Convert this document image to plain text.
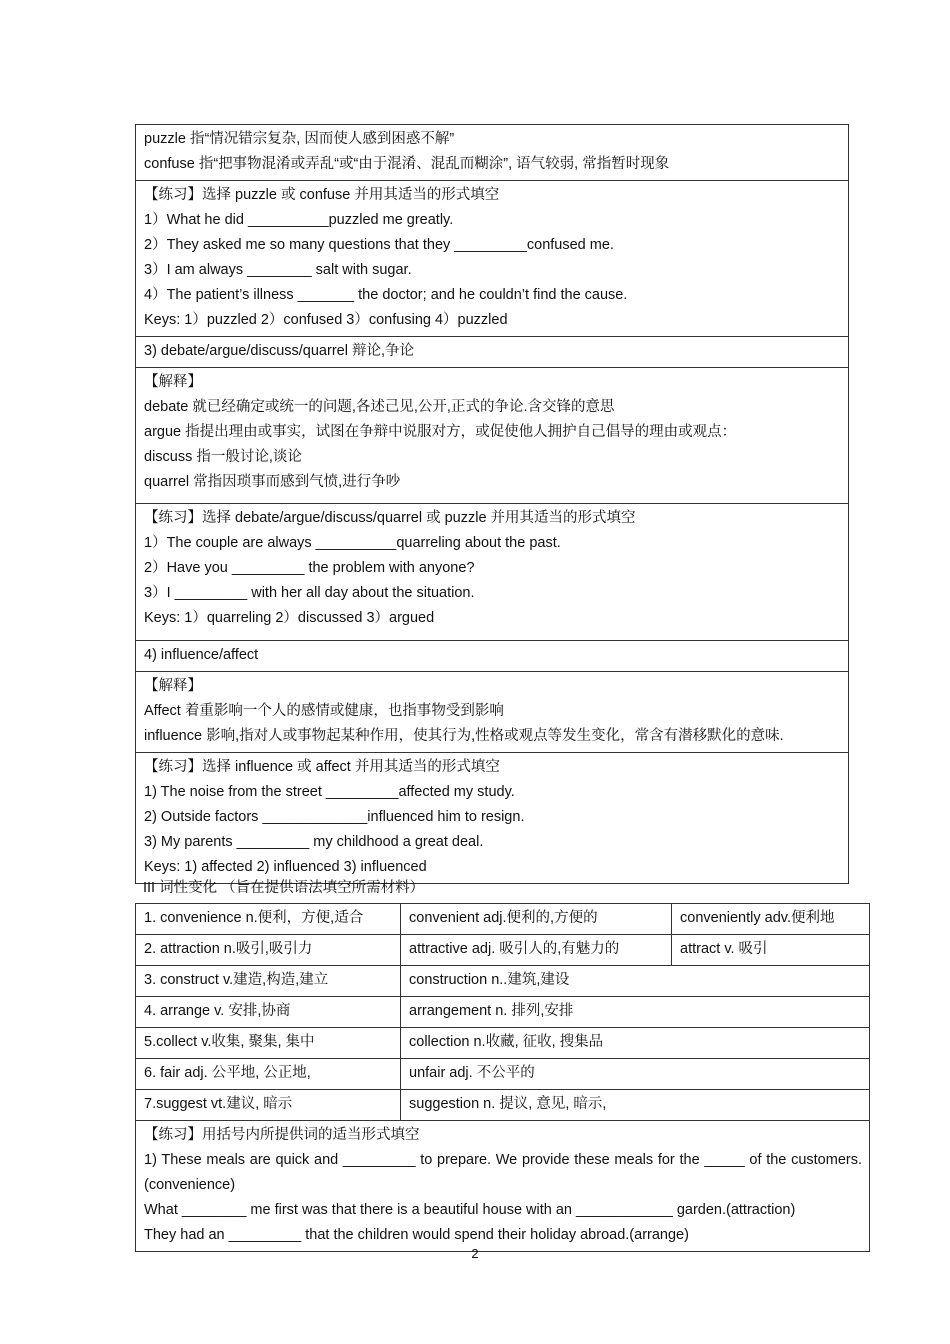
puzzle 指“情况错宗复杂, 因而使人感到困惑不解”
confuse 指“把事物混淆或弄乱“或“由于混淆、混乱而糊涂”, 语气较弱, 常指暂时现象

【练习】选择 puzzle 或 confuse 并用其适当的形式填空
1）What he did __________puzzled me greatly.
2）They asked me so many questions that they _________confused me.
3）I am always ________ salt with sugar.
4）The patient’s illness _______ the doctor; and he couldn’t find the cause.
Keys: 1）puzzled 2）confused 3）confusing 4）puzzled

3) debate/argue/discuss/quarrel 辩论,争论

【解释】
debate 就已经确定或统一的问题,各述己见,公开,正式的争论.含交锋的意思
argue 指提出理由或事实，试图在争辩中说服对方，或促使他人拥护自己倡导的理由或观点：
discuss 指一般讨论,谈论
quarrel 常指因琐事而感到气愤,进行争吵

【练习】选择 debate/argue/discuss/quarrel 或 puzzle 并用其适当的形式填空
1）The couple are always __________quarreling about the past.
2）Have you _________ the problem with anyone?
3）I _________ with her all day about the situation.
Keys: 1）quarreling 2）discussed 3）argued

4) influence/affect

【解释】
Affect 着重影响一个人的感情或健康，也指事物受到影响
influence 影响,指对人或事物起某种作用，使其行为,性格或观点等发生变化，常含有潜移默化的意味.

【练习】选择 influence 或 affect 并用其适当的形式填空
1) The noise from the street _________affected my study.
2) Outside factors _____________influenced him to resign.
3) My parents _________ my childhood a great deal.
Keys: 1) affected 2) influenced 3) influenced
III 词性变化 （旨在提供语法填空所需材料）
1. convenience n.便利，方便,适合	convenient adj.便利的,方便的	conveniently adv.便利地
2. attraction n.吸引,吸引力	attractive adj. 吸引人的,有魅力的	attract v. 吸引
3. construct v.建造,构造,建立	construction n..建筑,建设	
4. arrange v. 安排,协商	arrangement n. 排列,安排	
5.collect v.收集, 聚集, 集中	collection n.收藏, 征收, 搜集品	
6. fair adj. 公平地, 公正地,	unfair adj. 不公平的	
7.suggest vt.建议, 暗示	suggestion n. 提议, 意见, 暗示,	

【练习】用括号内所提供词的适当形式填空
1) These meals are quick and _________ to prepare. We provide these meals for the _____ of the customers. (convenience)
What ________ me first was that there is a beautiful house with an ____________ garden.(attraction)
They had an _________ that the children would spend their holiday abroad.(arrange)		
2
